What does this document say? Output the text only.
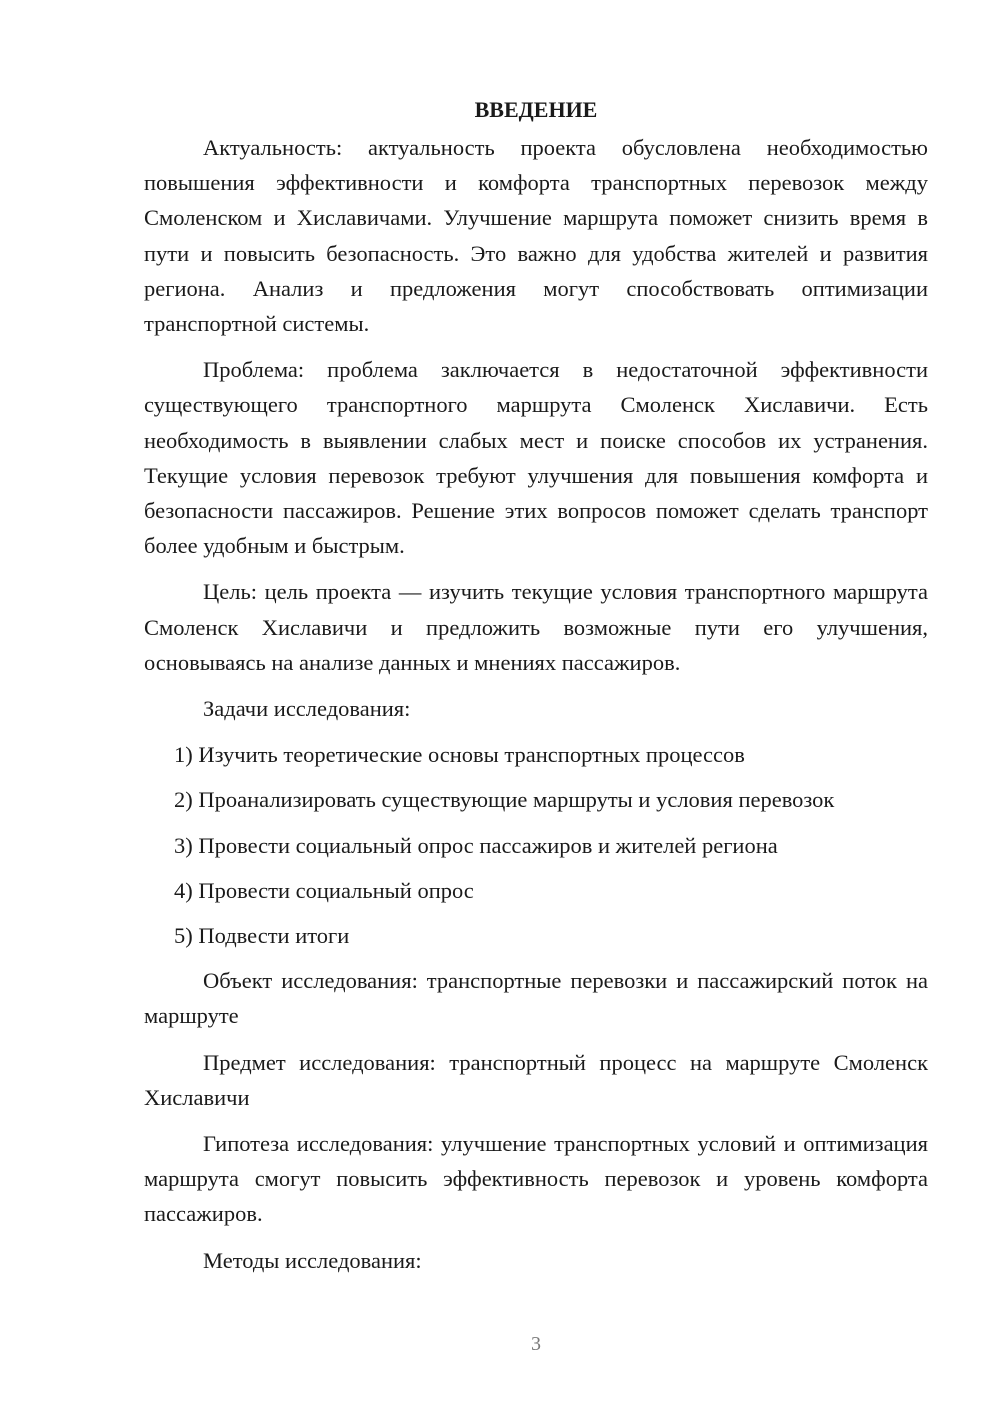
ВВЕДЕНИЕ

Актуальность: актуальность проекта обусловлена необходимостью повышения эффективности и комфорта транспортных перевозок между Смоленском и Хиславичами. Улучшение маршрута поможет снизить время в пути и повысить безопасность. Это важно для удобства жителей и развития региона. Анализ и предложения могут способствовать оптимизации транспортной системы.

Проблема: проблема заключается в недостаточной эффективности существующего транспортного маршрута Смоленск Хиславичи. Есть необходимость в выявлении слабых мест и поиске способов их устранения. Текущие условия перевозок требуют улучшения для повышения комфорта и безопасности пассажиров. Решение этих вопросов поможет сделать транспорт более удобным и быстрым.

Цель: цель проекта — изучить текущие условия транспортного маршрута Смоленск Хиславичи и предложить возможные пути его улучшения, основываясь на анализе данных и мнениях пассажиров.

Задачи исследования:

1) Изучить теоретические основы транспортных процессов
2) Проанализировать существующие маршруты и условия перевозок
3) Провести социальный опрос пассажиров и жителей региона
4) Провести социальный опрос
5) Подвести итоги

Объект исследования: транспортные перевозки и пассажирский поток на маршруте

Предмет исследования: транспортный процесс на маршруте Смоленск Хиславичи

Гипотеза исследования: улучшение транспортных условий и оптимизация маршрута смогут повысить эффективность перевозок и уровень комфорта пассажиров.

Методы исследования:

3
